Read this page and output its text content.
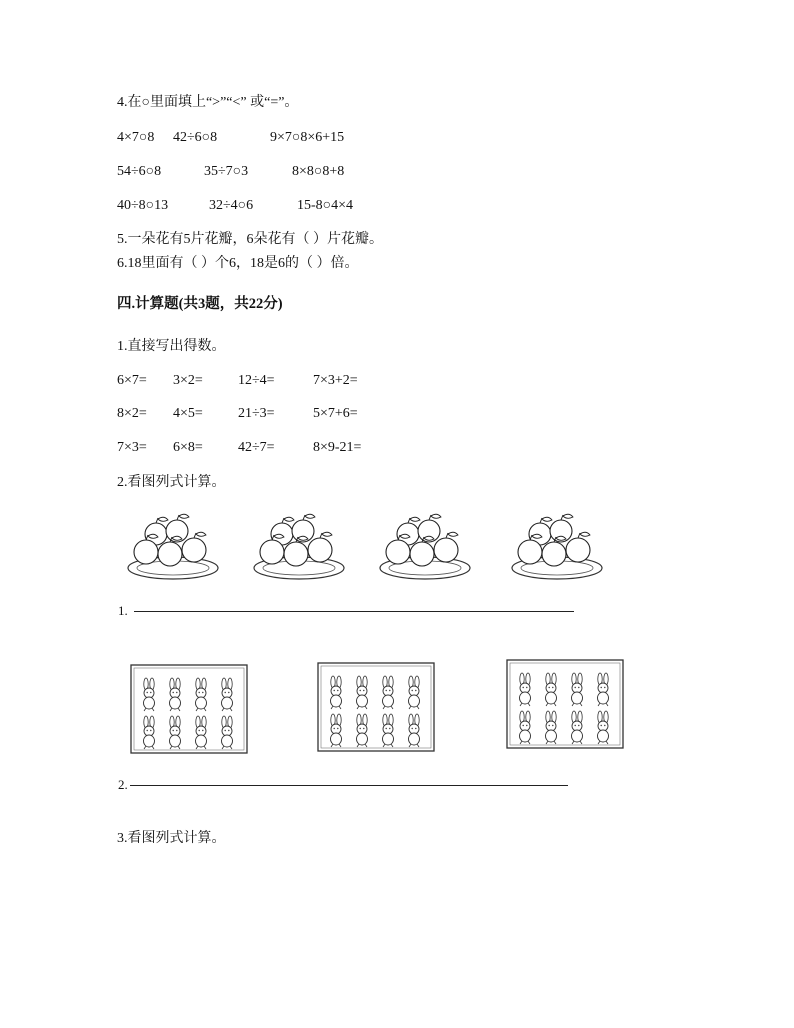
4.在○里面填上“>”“<” 或“=”。
4×7○8 42÷6○8	9×7○8×6+15
54÷6○8	35÷7○3	8×8○8+8
40÷8○13	32÷4○6	15-8○4×4
5.一朵花有5片花瓣，6朵花有（ ）片花瓣。
6.18里面有（ ）个6，18是6的（ ）倍。
四.计算题(共3题，共22分)
1.直接写出得数。
6×7= 3×2=	12÷4=	7×3+2=
8×2= 4×5=	21÷3=	5×7+6=
7×3= 6×8=	42÷7=	8×9-21=
2.看图列式计算。
1.
2.
3.看图列式计算。
